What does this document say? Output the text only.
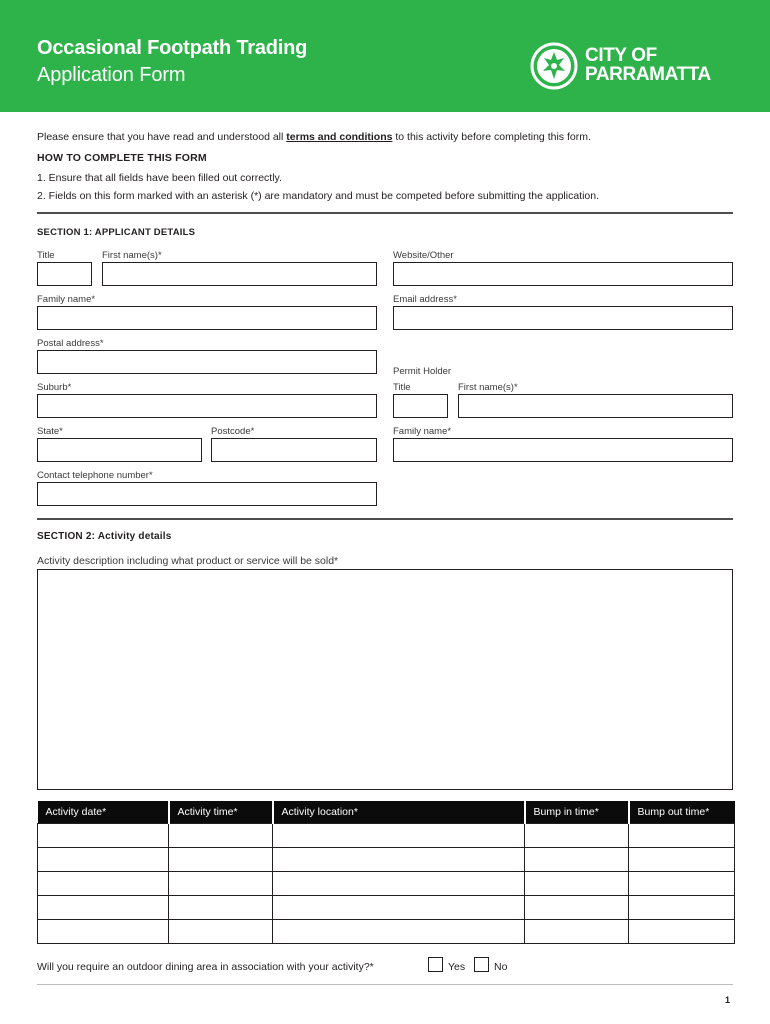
Occasional Footpath Trading
Application Form
CITY OF
PARRAMATTA
Please ensure that you have read and understood all terms and conditions to this activity before completing this form.
HOW TO COMPLETE THIS FORM
1. Ensure that all fields have been filled out correctly.
2. Fields on this form marked with an asterisk (*) are mandatory and must be competed before submitting the application.
SECTION 1: APPLICANT DETAILS
Title	First name(s)*	Website/Other
Family name*	Email address*
Postal address*
Permit Holder
Suburb*	Title	First name(s)*
State*	Postcode*	Family name*
Contact telephone number*
SECTION 2: Activity details
Activity description including what product or service will be sold*
Activity date*	Activity time*	Activity location*	Bump in time*	Bump out time*

Will you require an outdoor dining area in association with your activity?*	Yes	No
1
